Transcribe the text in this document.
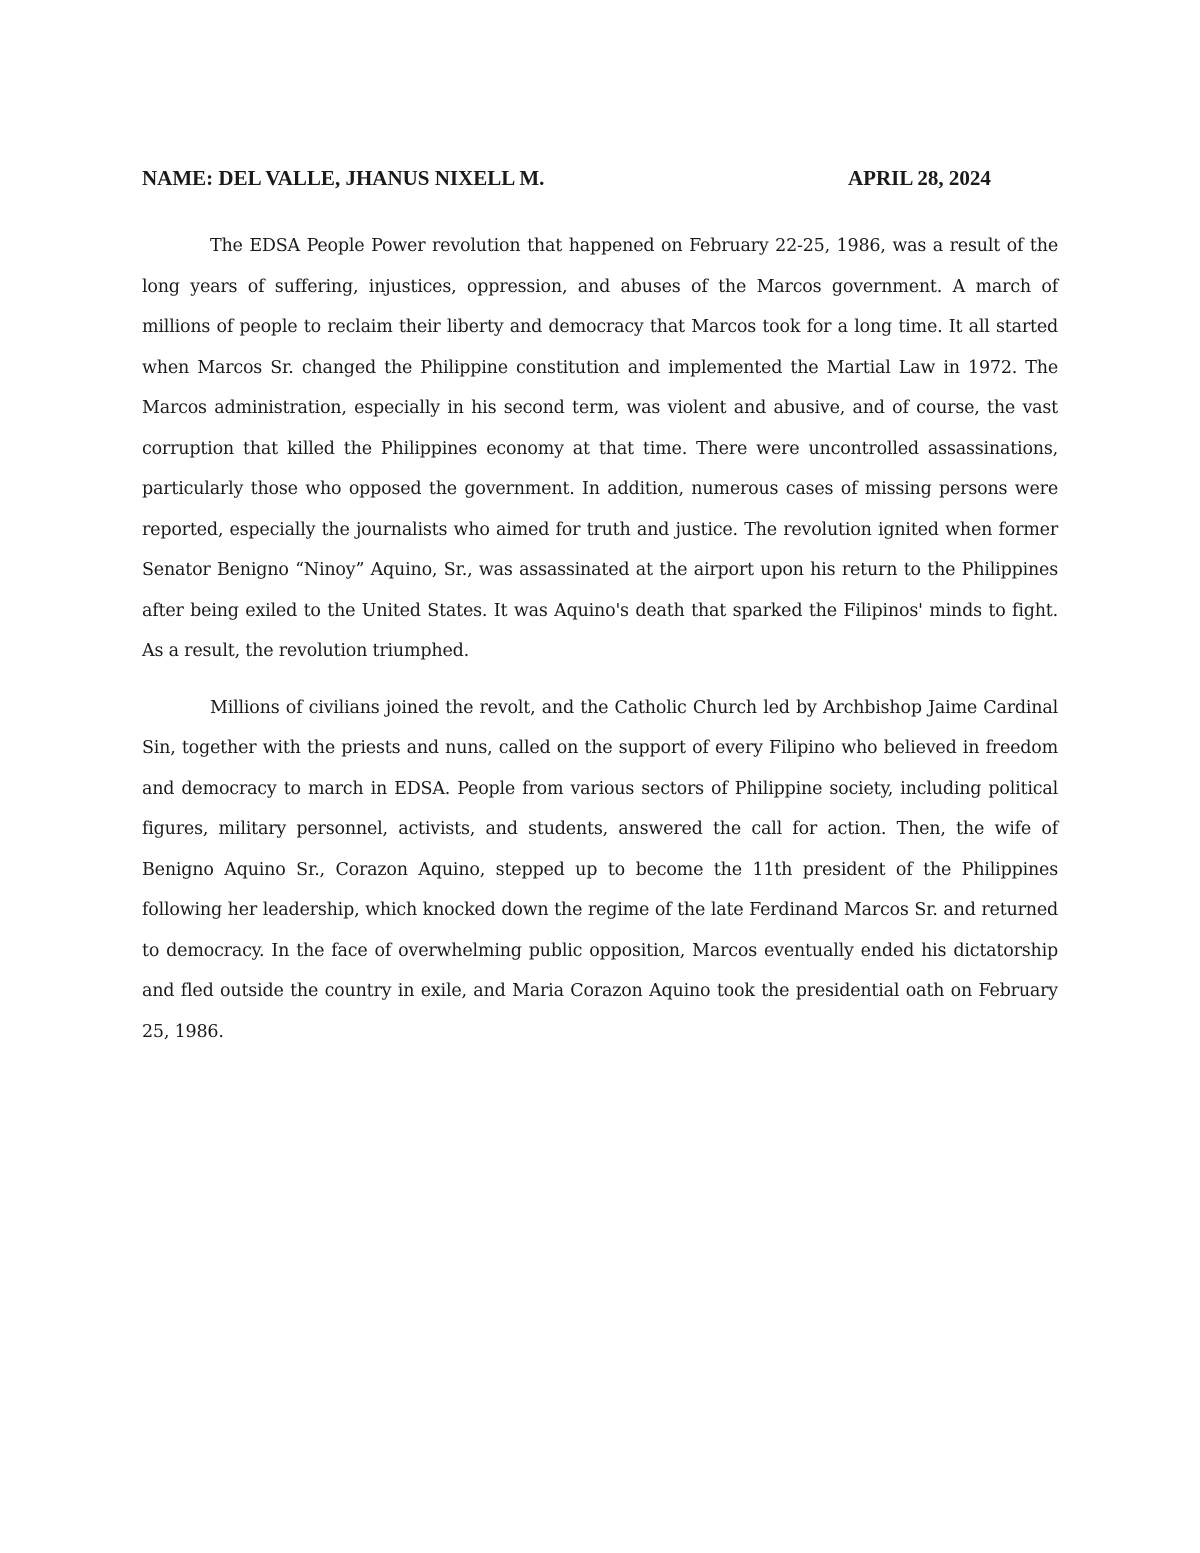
NAME: DEL VALLE, JHANUS NIXELL M.	APRIL 28, 2024

The EDSA People Power revolution that happened on February 22-25, 1986, was a result of the long years of suffering, injustices, oppression, and abuses of the Marcos government. A march of millions of people to reclaim their liberty and democracy that Marcos took for a long time. It all started when Marcos Sr. changed the Philippine constitution and implemented the Martial Law in 1972. The Marcos administration, especially in his second term, was violent and abusive, and of course, the vast corruption that killed the Philippines economy at that time. There were uncontrolled assassinations, particularly those who opposed the government. In addition, numerous cases of missing persons were reported, especially the journalists who aimed for truth and justice. The revolution ignited when former Senator Benigno “Ninoy” Aquino, Sr., was assassinated at the airport upon his return to the Philippines after being exiled to the United States. It was Aquino's death that sparked the Filipinos' minds to fight. As a result, the revolution triumphed.

Millions of civilians joined the revolt, and the Catholic Church led by Archbishop Jaime Cardinal Sin, together with the priests and nuns, called on the support of every Filipino who believed in freedom and democracy to march in EDSA. People from various sectors of Philippine society, including political figures, military personnel, activists, and students, answered the call for action. Then, the wife of Benigno Aquino Sr., Corazon Aquino, stepped up to become the 11th president of the Philippines following her leadership, which knocked down the regime of the late Ferdinand Marcos Sr. and returned to democracy. In the face of overwhelming public opposition, Marcos eventually ended his dictatorship and fled outside the country in exile, and Maria Corazon Aquino took the presidential oath on February 25, 1986.
